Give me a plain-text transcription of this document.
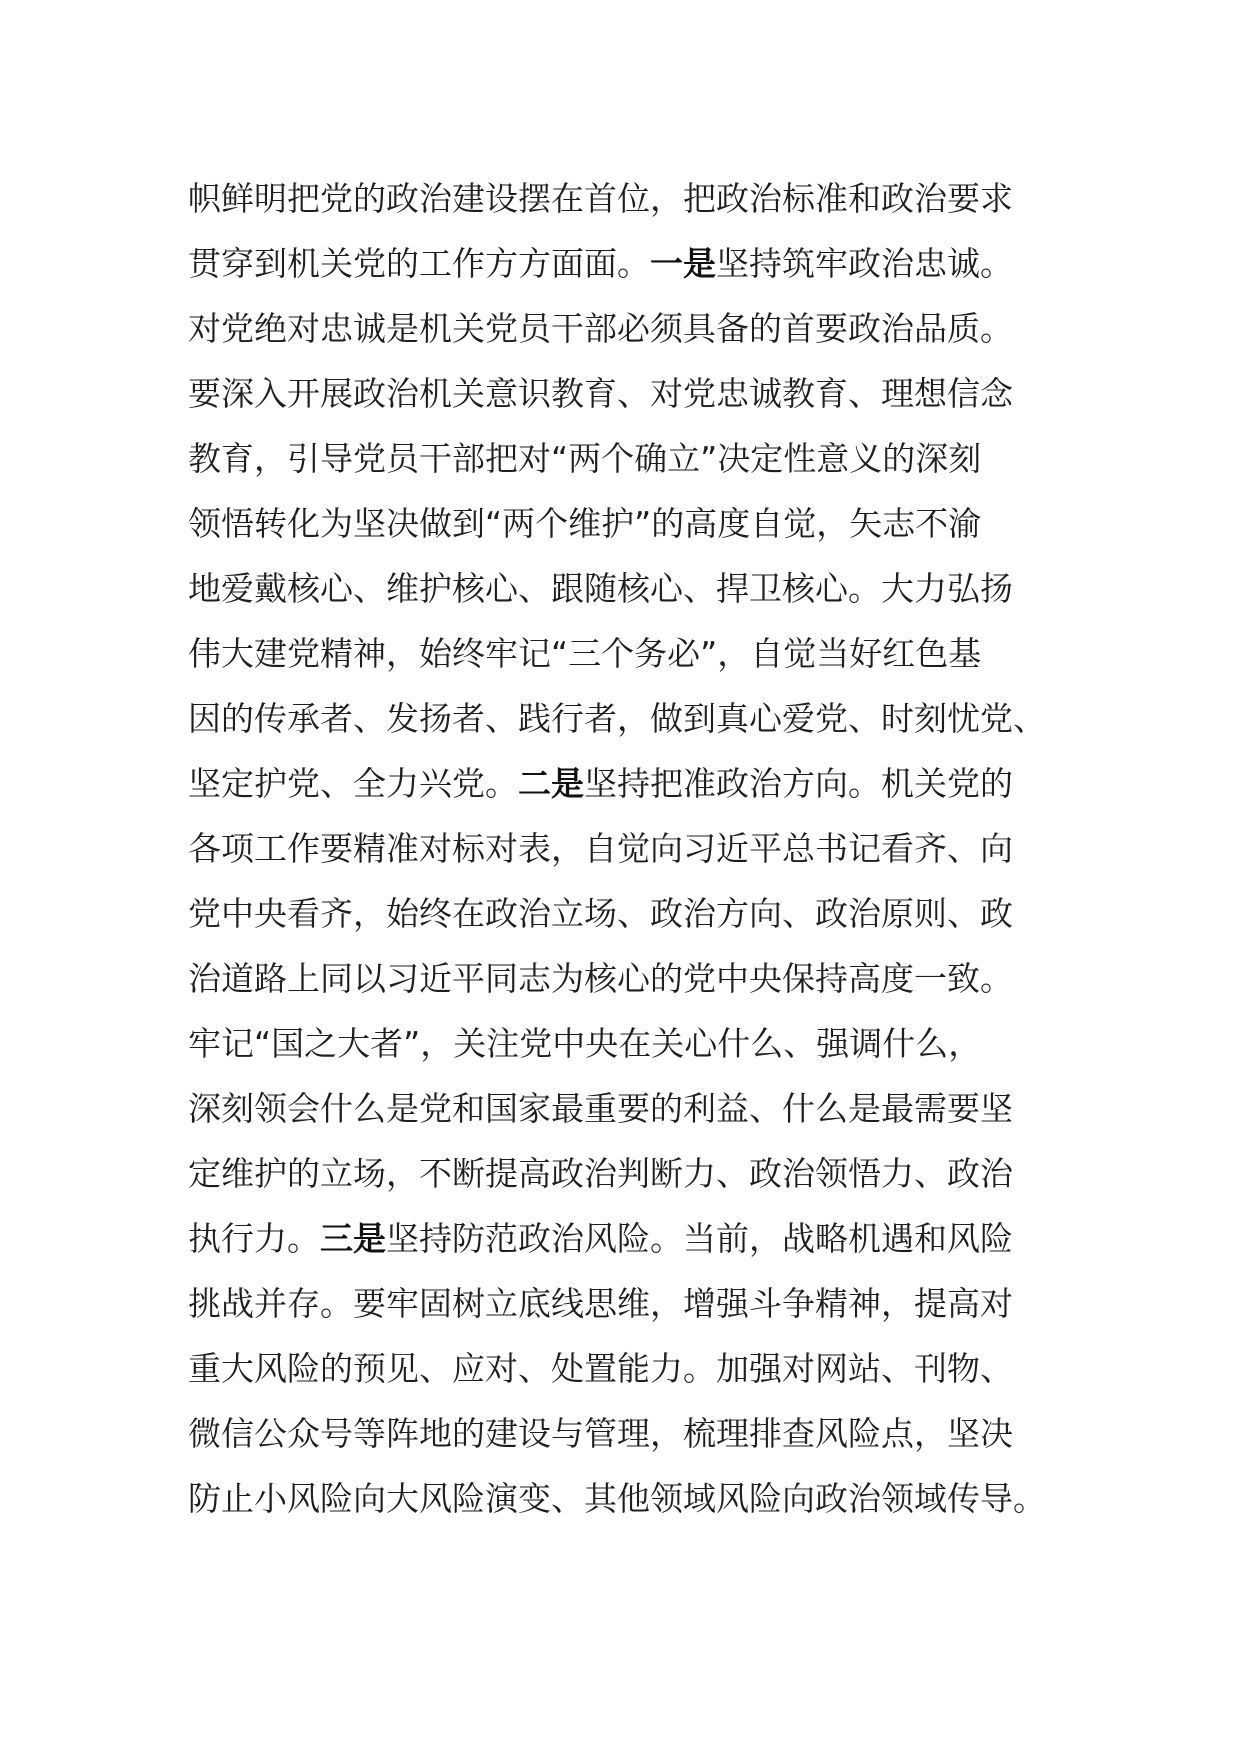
帜鲜明把党的政治建设摆在首位，把政治标准和政治要求
贯穿到机关党的工作方方面面。一是坚持筑牢政治忠诚。
对党绝对忠诚是机关党员干部必须具备的首要政治品质。
要深入开展政治机关意识教育、对党忠诚教育、理想信念
教育，引导党员干部把对“两个确立”决定性意义的深刻
领悟转化为坚决做到“两个维护”的高度自觉，矢志不渝
地爱戴核心、维护核心、跟随核心、捍卫核心。大力弘扬
伟大建党精神，始终牢记“三个务必”，自觉当好红色基
因的传承者、发扬者、践行者，做到真心爱党、时刻忧党、
坚定护党、全力兴党。二是坚持把准政治方向。机关党的
各项工作要精准对标对表，自觉向习近平总书记看齐、向
党中央看齐，始终在政治立场、政治方向、政治原则、政
治道路上同以习近平同志为核心的党中央保持高度一致。
牢记“国之大者”，关注党中央在关心什么、强调什么，
深刻领会什么是党和国家最重要的利益、什么是最需要坚
定维护的立场，不断提高政治判断力、政治领悟力、政治
执行力。三是坚持防范政治风险。当前，战略机遇和风险
挑战并存。要牢固树立底线思维，增强斗争精神，提高对
重大风险的预见、应对、处置能力。加强对网站、刊物、
微信公众号等阵地的建设与管理，梳理排查风险点，坚决
防止小风险向大风险演变、其他领域风险向政治领域传导。
